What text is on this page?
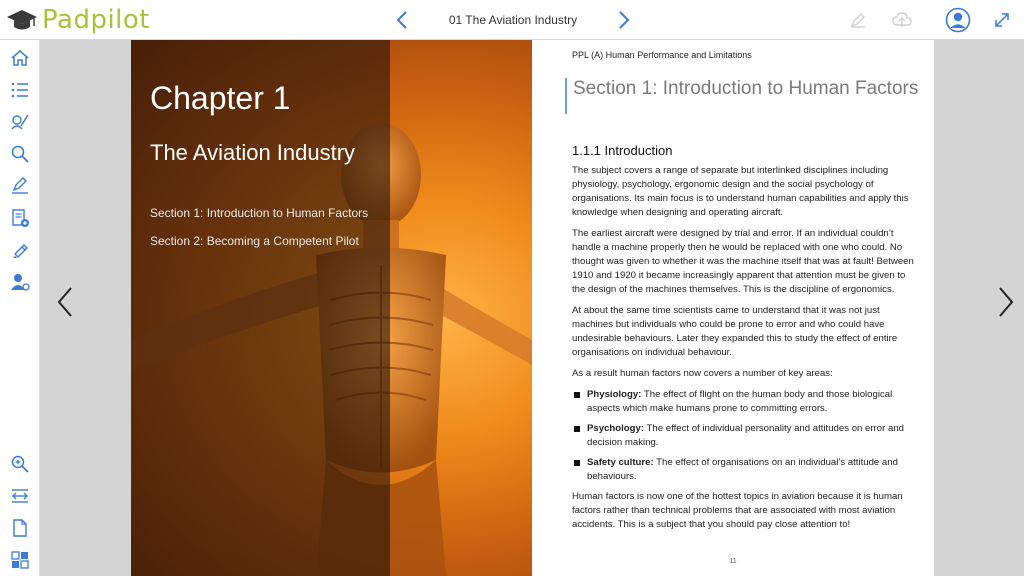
Padpilot	01 The Aviation Industry
Chapter 1
The Aviation Industry
Section 1: Introduction to Human Factors
Section 2: Becoming a Competent Pilot
PPL (A) Human Performance and Limitations
Section 1: Introduction to Human Factors
1.1.1 Introduction

The subject covers a range of separate but interlinked disciplines including physiology, psychology, ergonomic design and the social psychology of organisations. Its main focus is to understand human capabilities and apply this knowledge when designing and operating aircraft.

The earliest aircraft were designed by trial and error. If an individual couldn’t handle a machine properly then he would be replaced with one who could. No thought was given to whether it was the machine itself that was at fault! Between 1910 and 1920 it became increasingly apparent that attention must be given to the design of the machines themselves. This is the discipline of ergonomics.

At about the same time scientists came to understand that it was not just machines but individuals who could be prone to error and who could have undesirable behaviours. Later they expanded this to study the effect of entire organisations on individual behaviour.

As a result human factors now covers a number of key areas:

Physiology: The effect of flight on the human body and those biological aspects which make humans prone to committing errors.
Psychology: The effect of individual personality and attitudes on error and decision making.
Safety culture: The effect of organisations on an individual’s attitude and behaviours.

Human factors is now one of the hottest topics in aviation because it is human factors rather than technical problems that are associated with most aviation accidents. This is a subject that you should pay close attention to!

11
